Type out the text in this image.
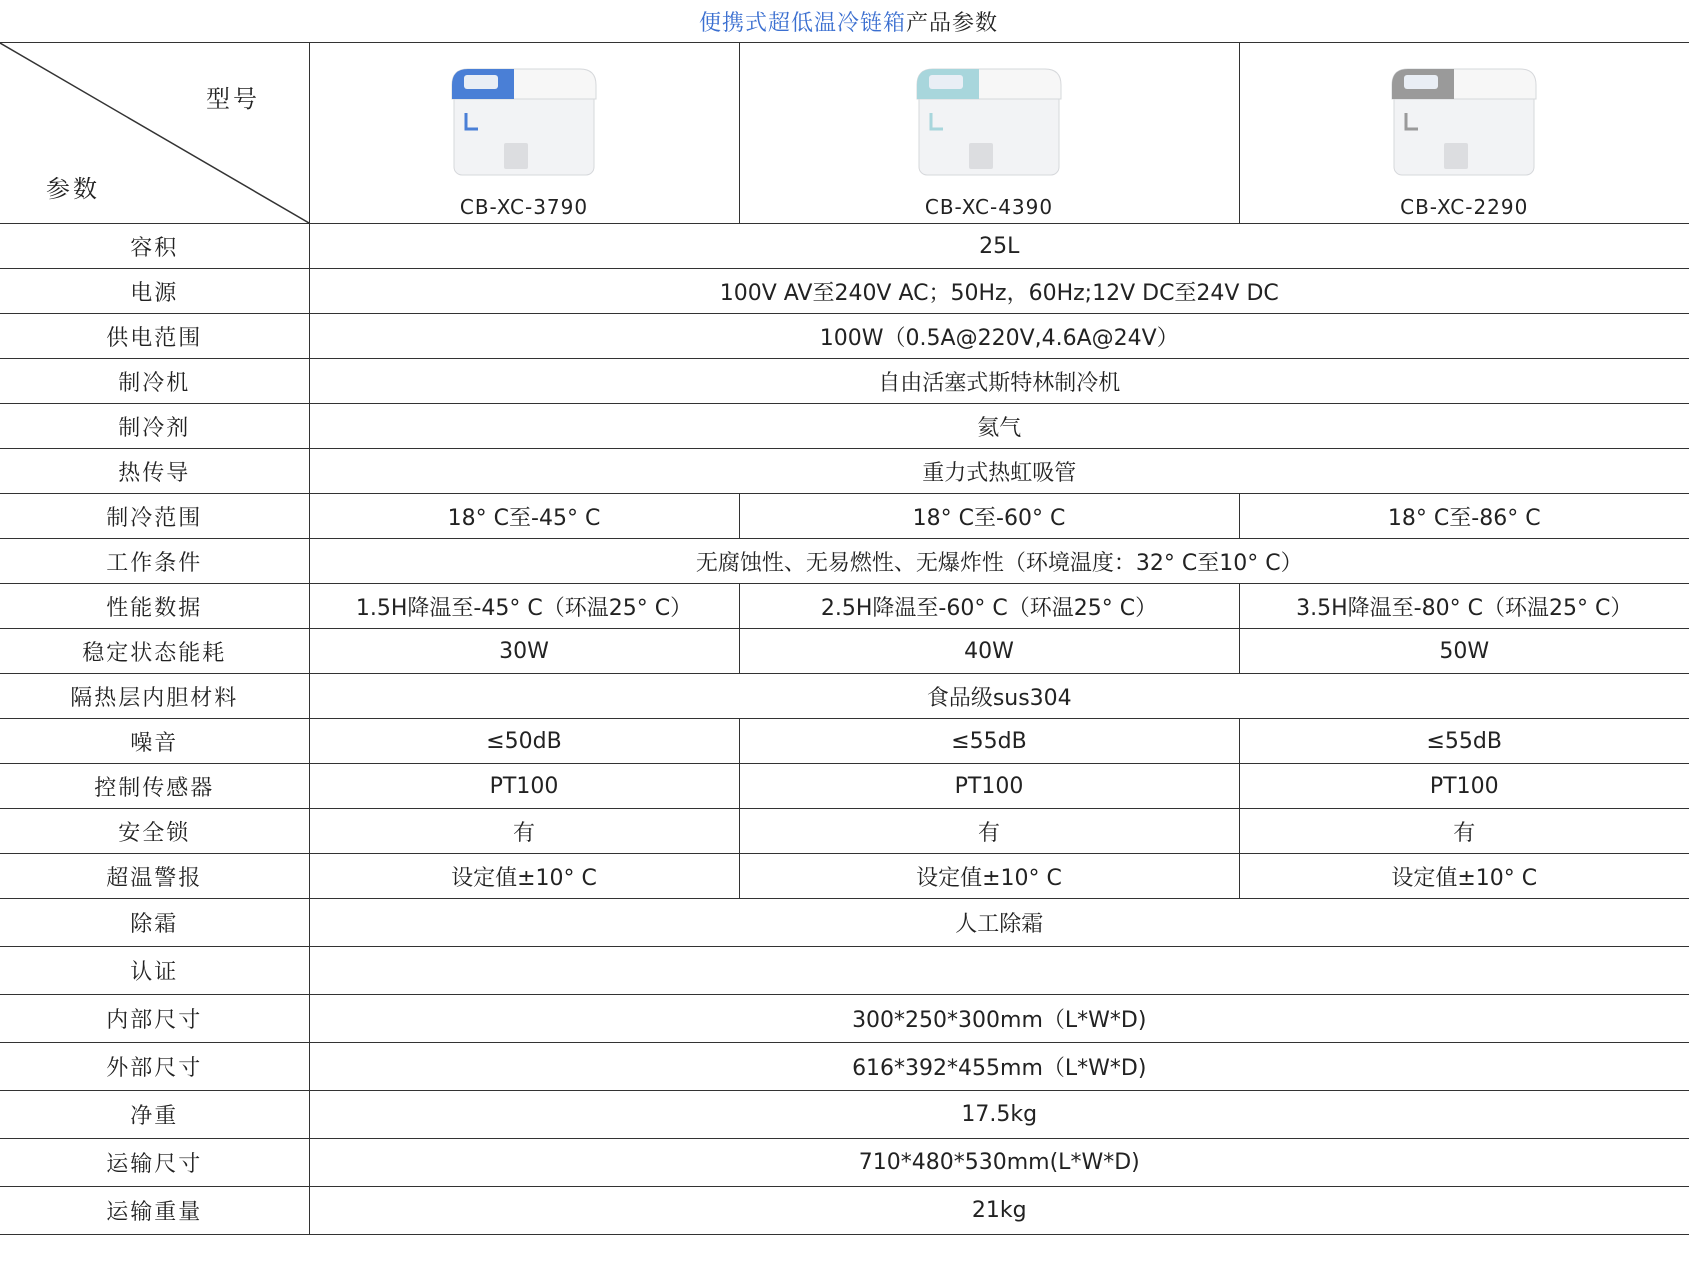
便携式超低温冷链箱产品参数
型号
参数	CB-XC-3790	CB-XC-4390	CB-XC-2290

容积	25L		
电源	100V AV至240V AC；50Hz，60Hz;12V DC至24V DC		
供电范围	100W（0.5A@220V,4.6A@24V）		
制冷机	自由活塞式斯特林制冷机		
制冷剂	氦气		
热传导	重力式热虹吸管		
制冷范围	18° C至-45° C	18° C至-60° C	18° C至-86° C
工作条件	无腐蚀性、无易燃性、无爆炸性（环境温度：32° C至10° C）		
性能数据	1.5H降温至-45° C（环温25° C）	2.5H降温至-60° C（环温25° C）	3.5H降温至-80° C（环温25° C）
稳定状态能耗	30W	40W	50W
隔热层内胆材料	食品级sus304		
噪音	≤50dB	≤55dB	≤55dB
控制传感器	PT100	PT100	PT100
安全锁	有	有	有
超温警报	设定值±10° C	设定值±10° C	设定值±10° C
除霜	人工除霜		
认证			
内部尺寸	300*250*300mm（L*W*D)		
外部尺寸	616*392*455mm（L*W*D)		
净重	17.5kg		
运输尺寸	710*480*530mm(L*W*D)		
运输重量	21kg		
